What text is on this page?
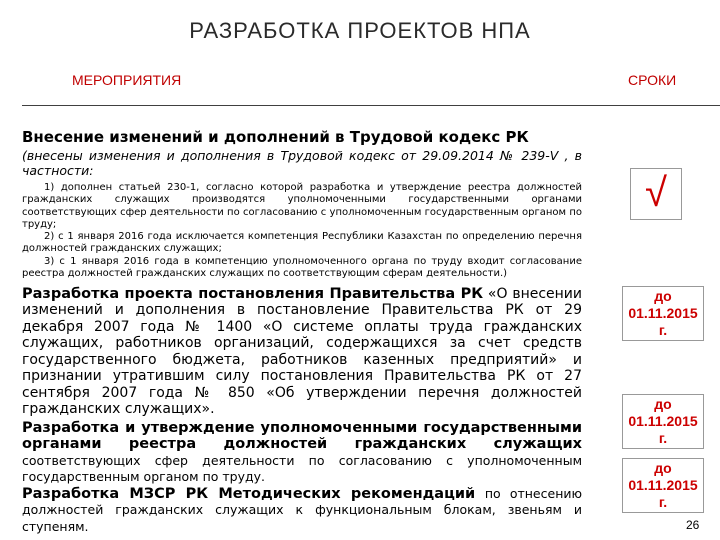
РАЗРАБОТКА ПРОЕКТОВ НПА
МЕРОПРИЯТИЯ	СРОКИ

Внесение изменений и дополнений в Трудовой кодекс РК

(внесены изменения и дополнения в Трудовой кодекс от 29.09.2014 № 239-V , в частности:

1) дополнен статьей 230-1, согласно которой разработка и утверждение реестра должностей гражданских служащих производятся уполномоченными государственными органами соответствующих сфер деятельности по согласованию с уполномоченным государственным органом по труду;

2) с 1 января 2016 года исключается компетенция Республики Казахстан по определению перечня должностей гражданских служащих;

3) с 1 января 2016 года в компетенцию уполномоченного органа по труду входит согласование реестра должностей гражданских служащих по соответствующим сферам деятельности.)

Разработка проекта постановления Правительства РК «О внесении изменений и дополнения в постановление Правительства РК от 29 декабря 2007 года № 1400 «О системе оплаты труда гражданских служащих, работников организаций, содержащихся за счет средств государственного бюджета, работников казенных предприятий» и признании утратившим силу постановления Правительства РК от 27 сентября 2007 года № 850 «Об утверждении перечня должностей гражданских служащих».

Разработка и утверждение уполномоченными государственными органами реестра должностей гражданских служащих соответствующих сфер деятельности по согласованию с уполномоченным государственным органом по труду.

Разработка МЗСР РК Методических рекомендаций по отнесению должностей гражданских служащих к функциональным блокам, звеньям и ступеням.

√
до
01.11.2015
г.
до
01.11.2015
г.
до
01.11.2015
г.
26
